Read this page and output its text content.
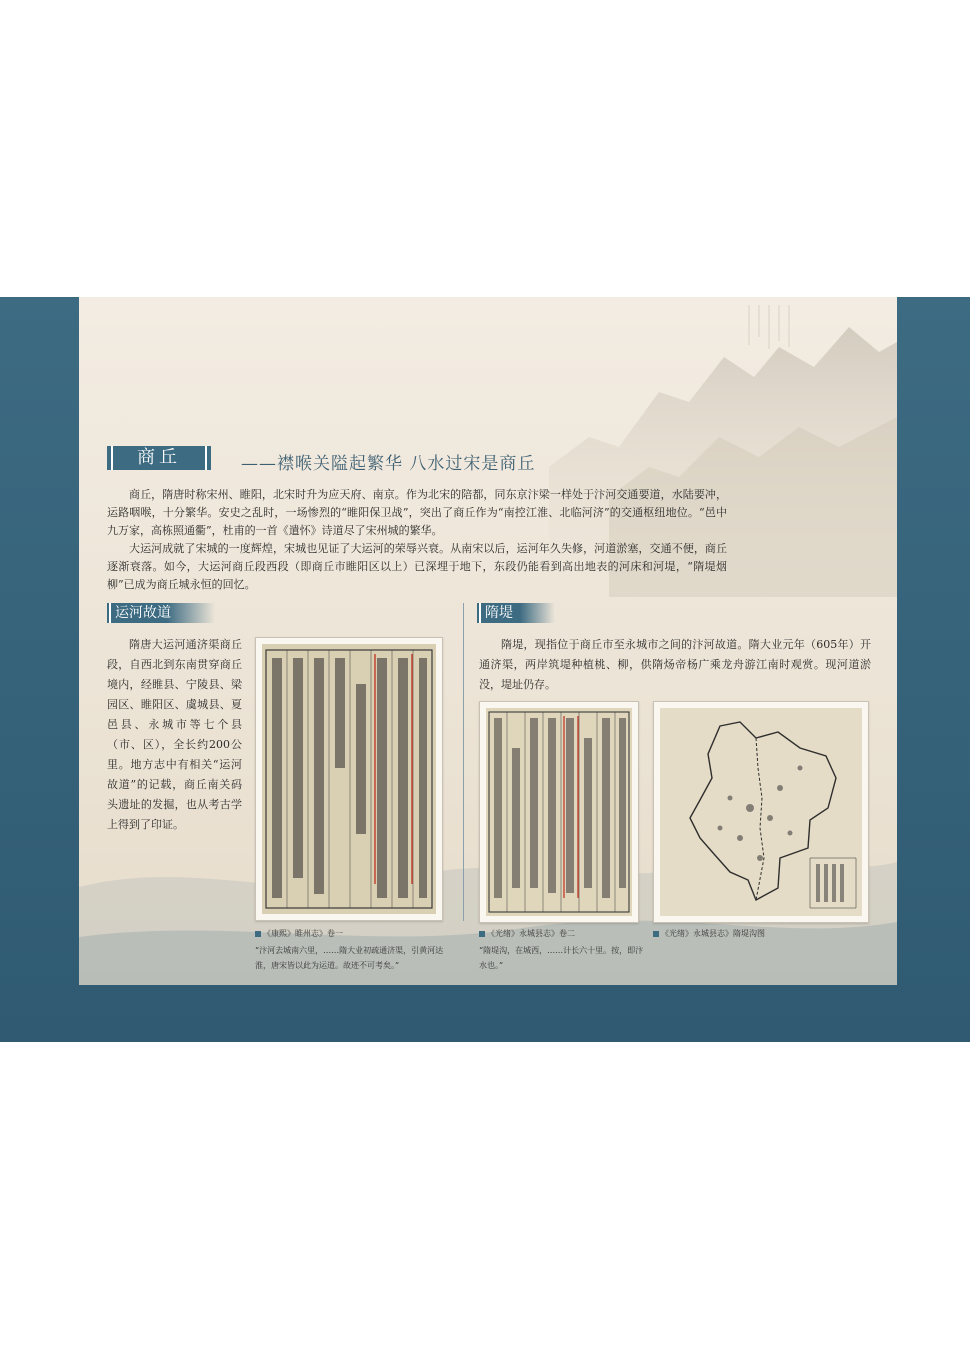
商丘	——襟喉关隘起繁华 八水过宋是商丘

商丘，隋唐时称宋州、睢阳，北宋时升为应天府、南京。作为北宋的陪都，同东京汴梁一样处于汴河交通要道，水陆要冲，运路咽喉，十分繁华。安史之乱时，一场惨烈的“睢阳保卫战”，突出了商丘作为“南控江淮、北临河济”的交通枢纽地位。“邑中九万家，高栋照通衢”，杜甫的一首《遣怀》诗道尽了宋州城的繁华。

大运河成就了宋城的一度辉煌，宋城也见证了大运河的荣辱兴衰。从南宋以后，运河年久失修，河道淤塞，交通不便，商丘逐渐衰落。如今，大运河商丘段西段（即商丘市睢阳区以上）已深埋于地下，东段仍能看到高出地表的河床和河堤，“隋堤烟柳”已成为商丘城永恒的回忆。

运河故道

隋唐大运河通济渠商丘段，自西北到东南贯穿商丘境内，经睢县、宁陵县、梁园区、睢阳区、虞城县、夏邑县、永城市等七个县（市、区），全长约200公里。地方志中有相关“运河故道”的记载，商丘南关码头遗址的发掘，也从考古学上得到了印证。

《康熙》睢州志》卷一
“汴河去城南六里，……隋大业初疏通济渠，引黄河达淮，唐宋皆以此为运道。故迹不可考矣。”
隋堤

隋堤，现指位于商丘市至永城市之间的汴河故道。隋大业元年（605年）开通济渠，两岸筑堤种植桃、柳，供隋炀帝杨广乘龙舟游江南时观赏。现河道淤没，堤址仍存。

《光绪》永城县志》卷二
“隋堤沟，在城西，……计长六十里。按，即汴水也。”
《光绪》永城县志》隋堤沟图
